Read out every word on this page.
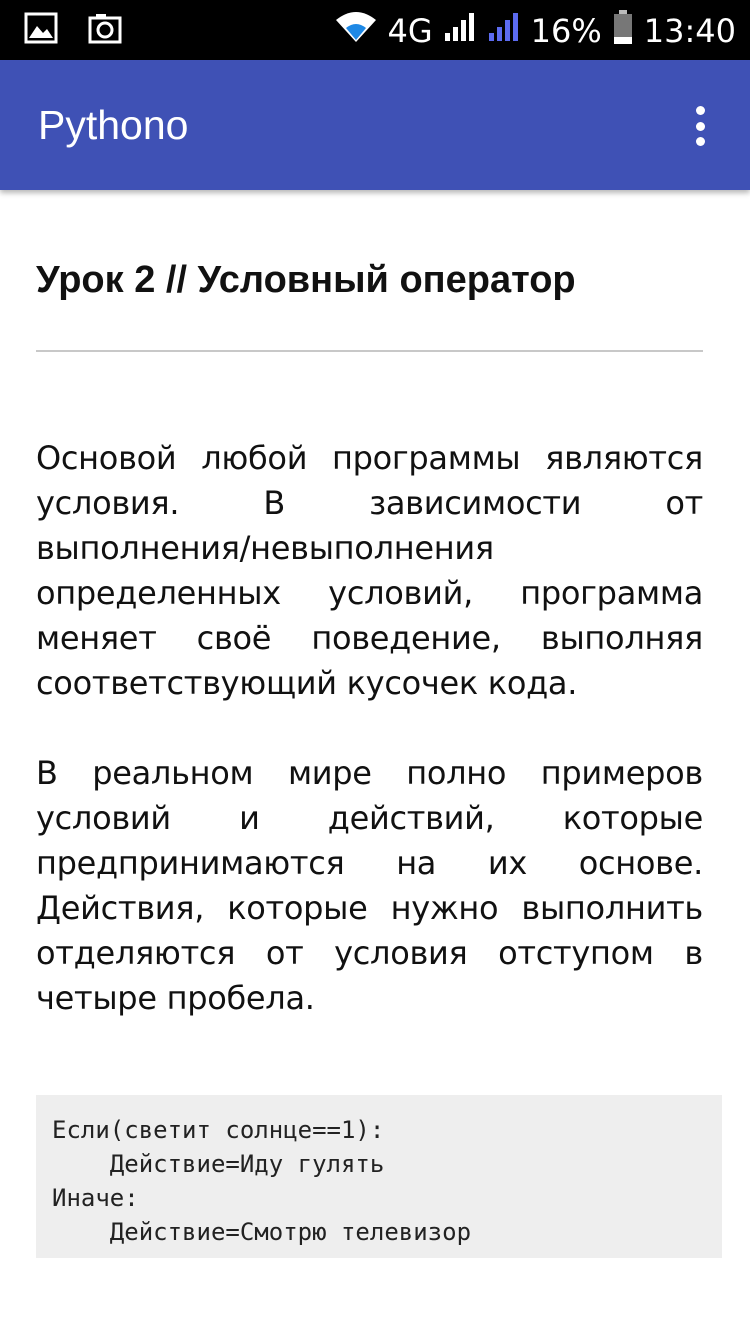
4G	16% 13:40
Pythono
Урок 2 // Условный оператор

Основой любой программы являются условия. В зависимости от выполнения/невыполнения определенных условий, программа меняет своё поведение, выполняя соответствующий кусочек кода.

В реальном мире полно примеров условий и действий, которые предпринимаются на их основе. Действия, которые нужно выполнить отделяются от условия отступом в четыре пробела.

Если(светит солнце==1):
Действие=Иду гулять
Иначе:
Действие=Смотрю телевизор
